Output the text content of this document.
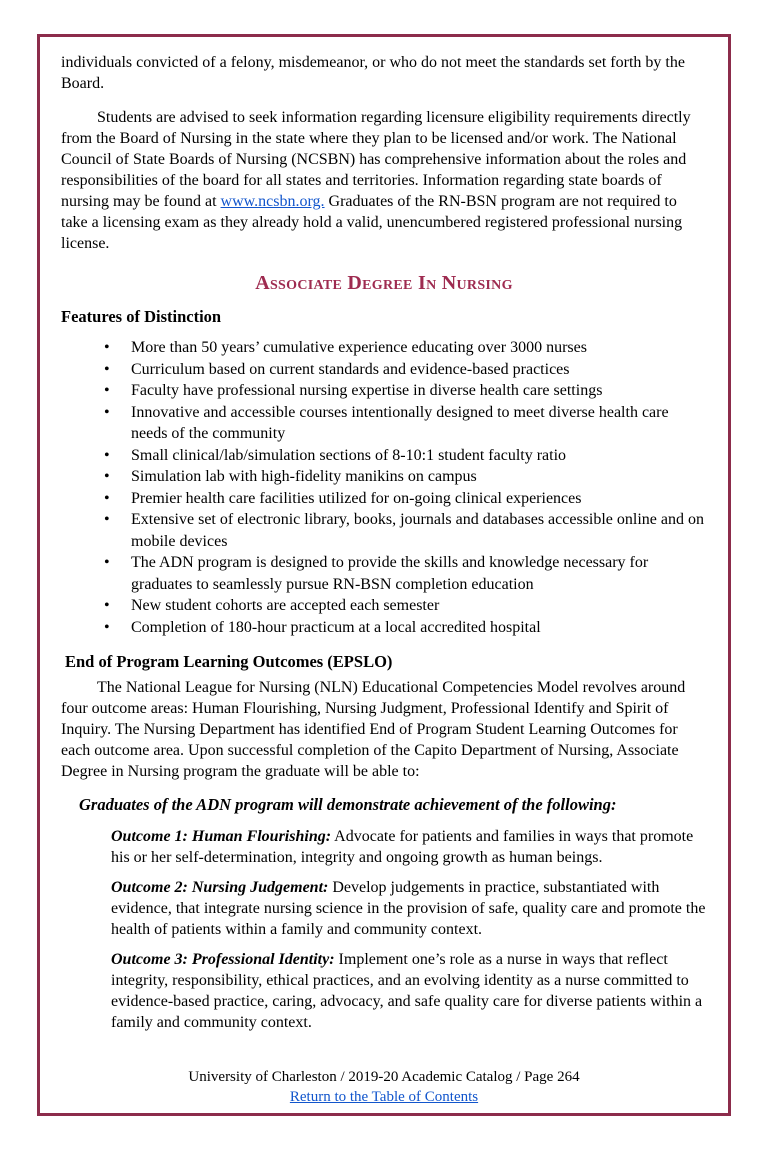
individuals convicted of a felony, misdemeanor, or who do not meet the standards set forth by the Board.

Students are advised to seek information regarding licensure eligibility requirements directly from the Board of Nursing in the state where they plan to be licensed and/or work. The National Council of State Boards of Nursing (NCSBN) has comprehensive information about the roles and responsibilities of the board for all states and territories. Information regarding state boards of nursing may be found at www.ncsbn.org. Graduates of the RN-BSN program are not required to take a licensing exam as they already hold a valid, unencumbered registered professional nursing license.

Associate Degree In Nursing
Features of Distinction
• More than 50 years’ cumulative experience educating over 3000 nurses
• Curriculum based on current standards and evidence-based practices
• Faculty have professional nursing expertise in diverse health care settings
• Innovative and accessible courses intentionally designed to meet diverse health care needs of the community
• Small clinical/lab/simulation sections of 8-10:1 student faculty ratio
• Simulation lab with high-fidelity manikins on campus
• Premier health care facilities utilized for on-going clinical experiences
• Extensive set of electronic library, books, journals and databases accessible online and on mobile devices
• The ADN program is designed to provide the skills and knowledge necessary for graduates to seamlessly pursue RN-BSN completion education
• New student cohorts are accepted each semester
• Completion of 180-hour practicum at a local accredited hospital
End of Program Learning Outcomes (EPSLO)

The National League for Nursing (NLN) Educational Competencies Model revolves around four outcome areas: Human Flourishing, Nursing Judgment, Professional Identify and Spirit of Inquiry. The Nursing Department has identified End of Program Student Learning Outcomes for each outcome area. Upon successful completion of the Capito Department of Nursing, Associate Degree in Nursing program the graduate will be able to:

Graduates of the ADN program will demonstrate achievement of the following:

Outcome 1: Human Flourishing: Advocate for patients and families in ways that promote his or her self-determination, integrity and ongoing growth as human beings.

Outcome 2: Nursing Judgement: Develop judgements in practice, substantiated with evidence, that integrate nursing science in the provision of safe, quality care and promote the health of patients within a family and community context.

Outcome 3: Professional Identity: Implement one’s role as a nurse in ways that reflect integrity, responsibility, ethical practices, and an evolving identity as a nurse committed to evidence-based practice, caring, advocacy, and safe quality care for diverse patients within a family and community context.

University of Charleston / 2019-20 Academic Catalog / Page 264
Return to the Table of Contents
